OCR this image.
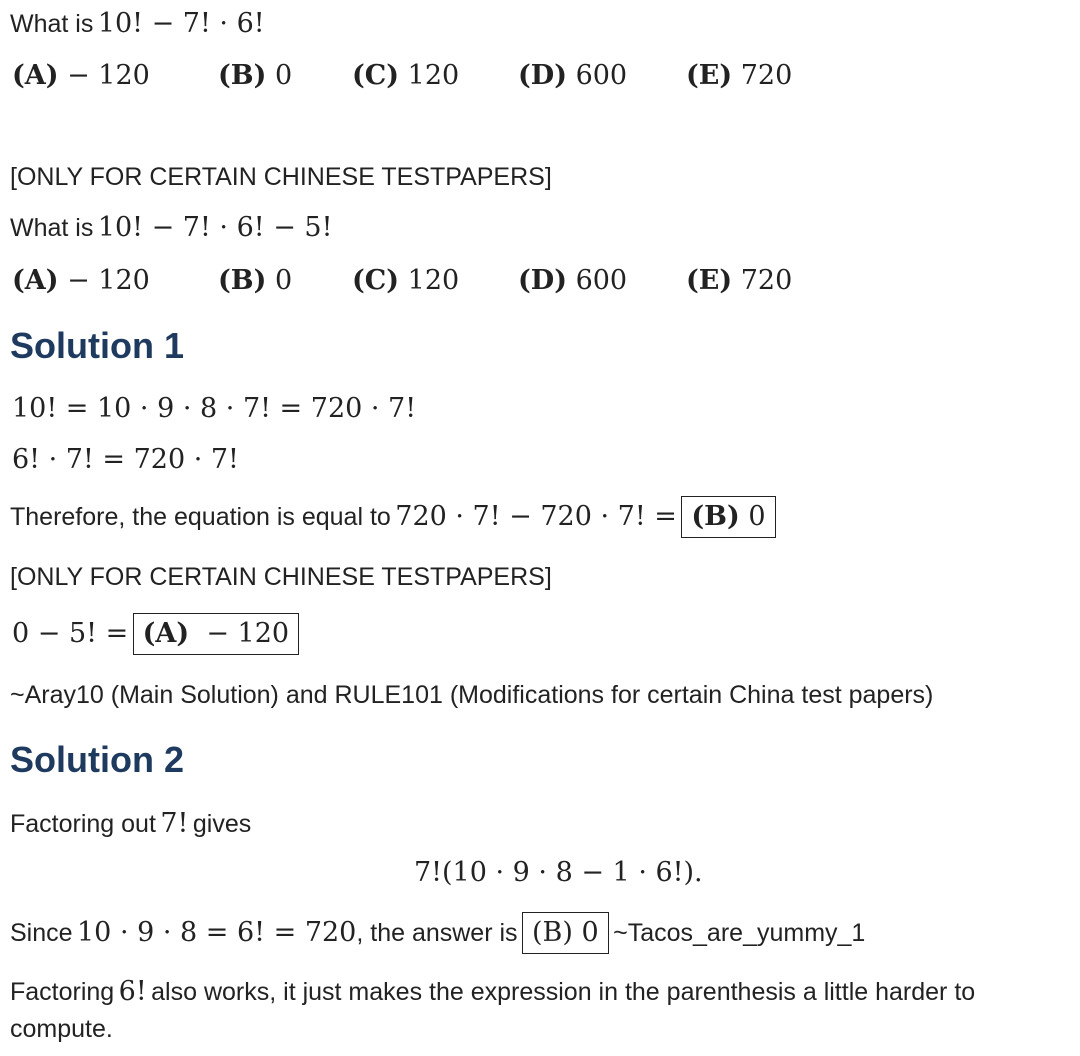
What is 10! − 7! · 6!
(A) − 120	(B) 0 (C) 120 (D) 600 (E) 720
[ONLY FOR CERTAIN CHINESE TESTPAPERS]
What is 10! − 7! · 6! − 5!
(A) − 120	(B) 0 (C) 120 (D) 600 (E) 720
Solution 1
10! = 10 · 9 · 8 · 7! = 720 · 7!
6! · 7! = 720 · 7!
Therefore, the equation is equal to 720 · 7! − 720 · 7! = (B) 0
[ONLY FOR CERTAIN CHINESE TESTPAPERS]
0 − 5! = (A) − 120
~Aray10 (Main Solution) and RULE101 (Modifications for certain China test papers)
Solution 2
Factoring out 7! gives
7!(10 · 9 · 8 − 1 · 6!).
Since 10 · 9 · 8 = 6! = 720, the answer is (B) 0 ~Tacos_are_yummy_1
Factoring 6! also works, it just makes the expression in the parenthesis a little harder to
compute.
